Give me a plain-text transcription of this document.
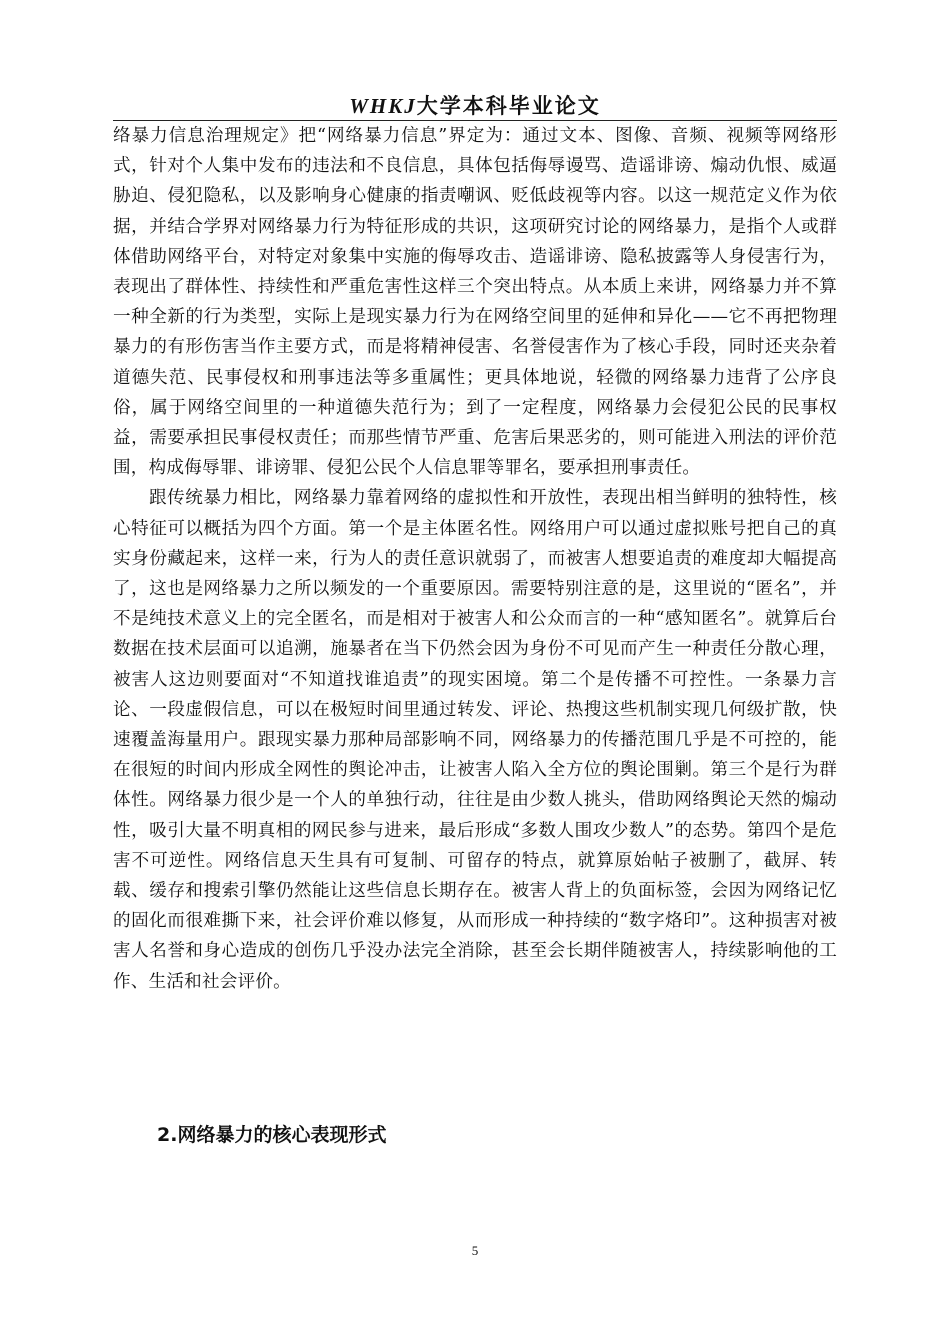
WHKJ大学本科毕业论文

络暴力信息治理规定》把“网络暴力信息”界定为：通过文本、图像、音频、视频等网络形式，针对个人集中发布的违法和不良信息，具体包括侮辱谩骂、造谣诽谤、煽动仇恨、威逼胁迫、侵犯隐私，以及影响身心健康的指责嘲讽、贬低歧视等内容。以这一规范定义作为依据，并结合学界对网络暴力行为特征形成的共识，这项研究讨论的网络暴力，是指个人或群体借助网络平台，对特定对象集中实施的侮辱攻击、造谣诽谤、隐私披露等人身侵害行为，表现出了群体性、持续性和严重危害性这样三个突出特点。从本质上来讲，网络暴力并不算一种全新的行为类型，实际上是现实暴力行为在网络空间里的延伸和异化——它不再把物理暴力的有形伤害当作主要方式，而是将精神侵害、名誉侵害作为了核心手段，同时还夹杂着道德失范、民事侵权和刑事违法等多重属性；更具体地说，轻微的网络暴力违背了公序良俗，属于网络空间里的一种道德失范行为；到了一定程度，网络暴力会侵犯公民的民事权益，需要承担民事侵权责任；而那些情节严重、危害后果恶劣的，则可能进入刑法的评价范围，构成侮辱罪、诽谤罪、侵犯公民个人信息罪等罪名，要承担刑事责任。

跟传统暴力相比，网络暴力靠着网络的虚拟性和开放性，表现出相当鲜明的独特性，核心特征可以概括为四个方面。第一个是主体匿名性。网络用户可以通过虚拟账号把自己的真实身份藏起来，这样一来，行为人的责任意识就弱了，而被害人想要追责的难度却大幅提高了，这也是网络暴力之所以频发的一个重要原因。需要特别注意的是，这里说的“匿名”，并不是纯技术意义上的完全匿名，而是相对于被害人和公众而言的一种“感知匿名”。就算后台数据在技术层面可以追溯，施暴者在当下仍然会因为身份不可见而产生一种责任分散心理，被害人这边则要面对“不知道找谁追责”的现实困境。第二个是传播不可控性。一条暴力言论、一段虚假信息，可以在极短时间里通过转发、评论、热搜这些机制实现几何级扩散，快速覆盖海量用户。跟现实暴力那种局部影响不同，网络暴力的传播范围几乎是不可控的，能在很短的时间内形成全网性的舆论冲击，让被害人陷入全方位的舆论围剿。第三个是行为群体性。网络暴力很少是一个人的单独行动，往往是由少数人挑头，借助网络舆论天然的煽动性，吸引大量不明真相的网民参与进来，最后形成“多数人围攻少数人”的态势。第四个是危害不可逆性。网络信息天生具有可复制、可留存的特点，就算原始帖子被删了，截屏、转载、缓存和搜索引擎仍然能让这些信息长期存在。被害人背上的负面标签，会因为网络记忆的固化而很难撕下来，社会评价难以修复，从而形成一种持续的“数字烙印”。这种损害对被害人名誉和身心造成的创伤几乎没办法完全消除，甚至会长期伴随被害人，持续影响他的工作、生活和社会评价。

2.网络暴力的核心表现形式
5
